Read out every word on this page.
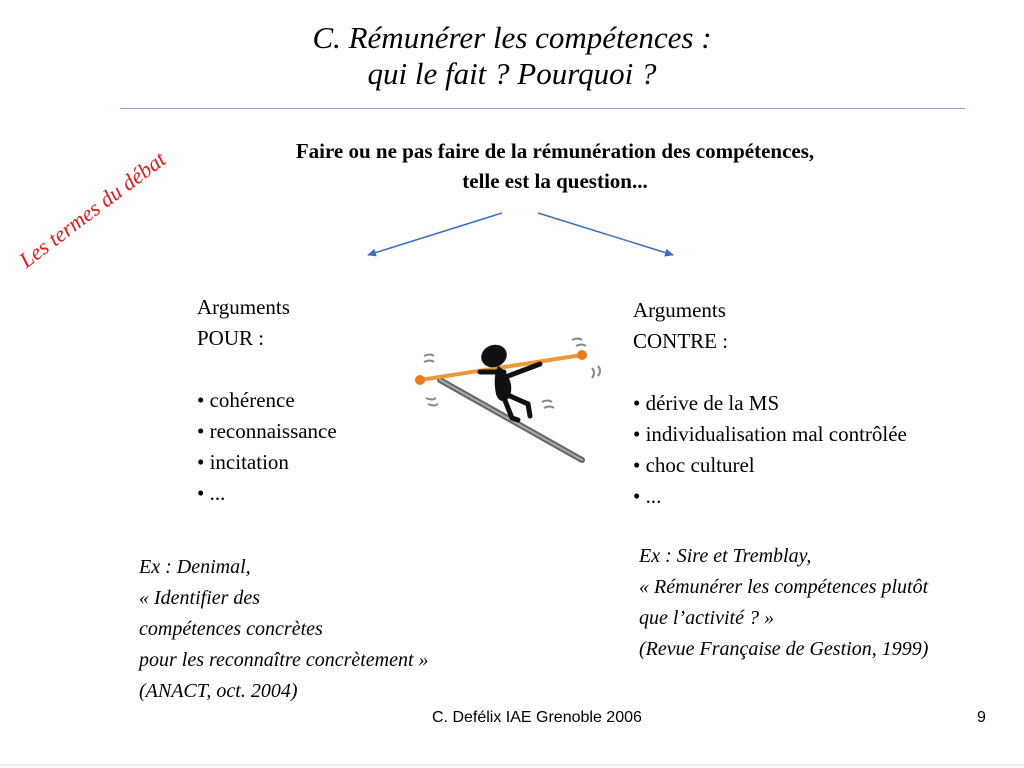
C. Rémunérer les compétences :
qui le fait ? Pourquoi ?
Faire ou ne pas faire de la rémunération des compétences,
telle est la question...
Les termes du débat
Arguments
POUR :
• cohérence
• reconnaissance
• incitation
• ...
Arguments
CONTRE :
• dérive de la MS
• individualisation mal contrôlée
• choc culturel
• ...
Ex : Denimal,
« Identifier des
compétences concrètes
pour les reconnaître concrètement »
(ANACT, oct. 2004)
Ex : Sire et Tremblay,
« Rémunérer les compétences plutôt
que l’activité ? »
(Revue Française de Gestion, 1999)
C. Defélix IAE Grenoble 2006	9
